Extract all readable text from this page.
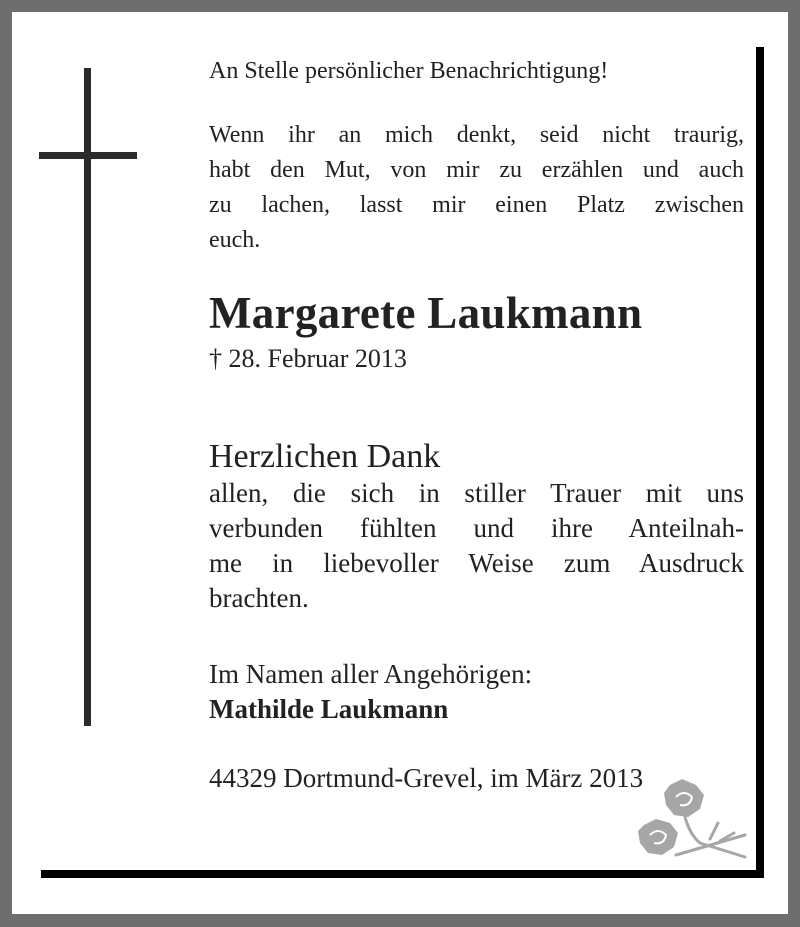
An Stelle persönlicher Benachrichtigung!
Wenn ihr an mich denkt, seid nicht traurig,
habt den Mut, von mir zu erzählen und auch
zu lachen, lasst mir einen Platz zwischen
euch.
Margarete Laukmann
† 28. Februar 2013
Herzlichen Dank
allen, die sich in stiller Trauer mit uns
verbunden fühlten und ihre Anteilnah-
me in liebevoller Weise zum Ausdruck
brachten.
Im Namen aller Angehörigen:
Mathilde Laukmann
44329 Dortmund-Grevel, im März 2013
